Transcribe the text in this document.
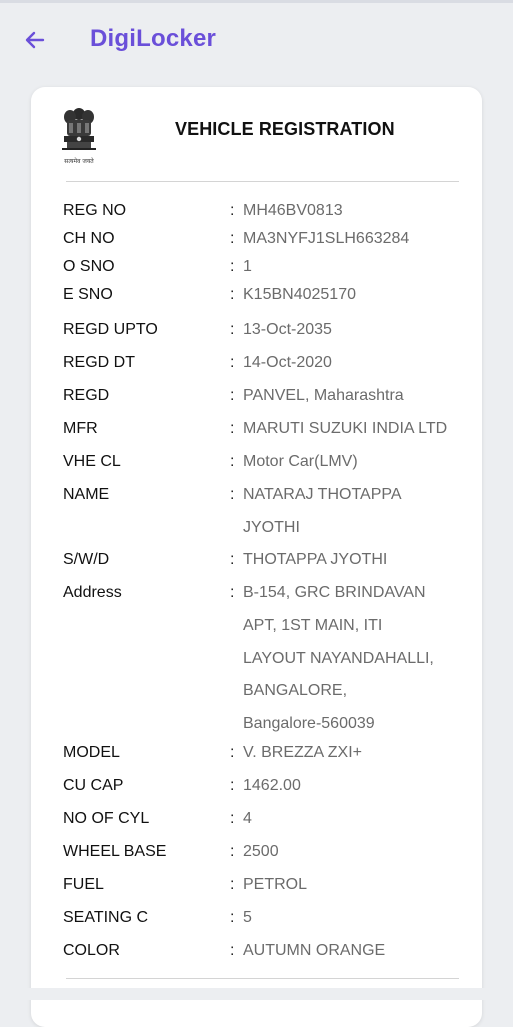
DigiLocker
सत्यमेव जयते
VEHICLE REGISTRATION
REG NO	: MH46BV0813
CH NO	: MA3NYFJ1SLH663284
O SNO	: 1
E SNO	: K15BN4025170
REGD UPTO	: 13-Oct-2035
REGD DT	: 14-Oct-2020
REGD	: PANVEL, Maharashtra
MFR	: MARUTI SUZUKI INDIA LTD
VHE CL	: Motor Car(LMV)
NAME	: NATARAJ THOTAPPA
JYOTHI
S/W/D	: THOTAPPA JYOTHI
Address	: B-154, GRC BRINDAVAN
APT, 1ST MAIN, ITI
LAYOUT NAYANDAHALLI,
BANGALORE,
Bangalore-560039
MODEL	: V. BREZZA ZXI+
CU CAP	: 1462.00
NO OF CYL	: 4
WHEEL BASE	: 2500
FUEL	: PETROL
SEATING C	: 5
COLOR	: AUTUMN ORANGE
